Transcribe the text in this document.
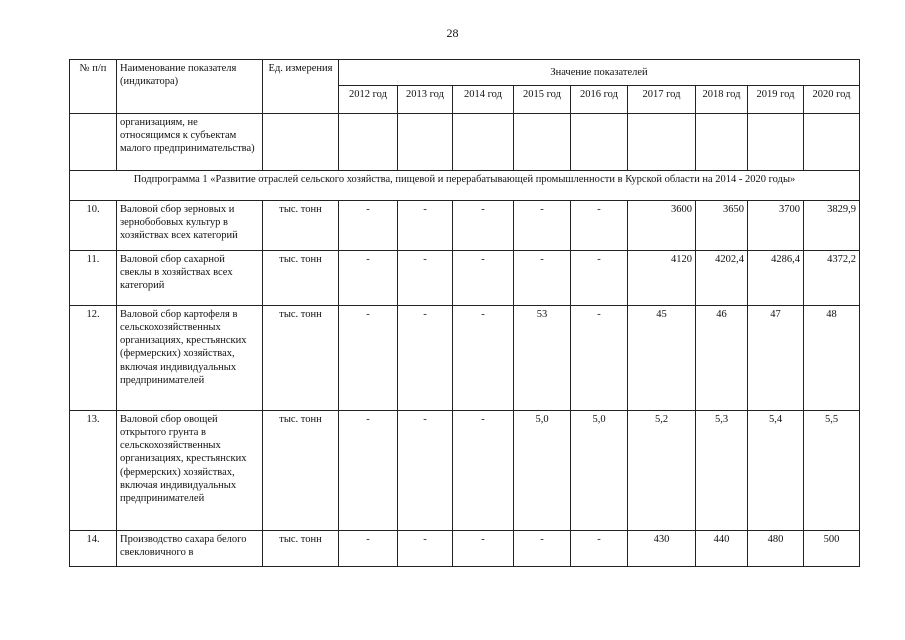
28
№ п/п	Наименование показателя (индикатора)	Ед. измерения	Значение показателей								
			2012 год	2013 год	2014 год	2015 год	2016 год	2017 год	2018 год	2019 год	2020 год
	организациям, не относящимся к субъектам малого предпринимательства)										
Подпрограмма 1 «Развитие отраслей сельского хозяйства, пищевой и перерабатывающей промышленности в Курской области на 2014 - 2020 годы»											
10.	Валовой сбор зерновых и зернобобовых культур в хозяйствах всех категорий	тыс. тонн	-	-	-	-	-	3600	3650	3700	3829,9
11.	Валовой сбор сахарной свеклы в хозяйствах всех категорий	тыс. тонн	-	-	-	-	-	4120	4202,4	4286,4	4372,2
12.	Валовой сбор картофеля в сельскохозяйственных организациях, крестьянских (фермерских) хозяйствах, включая индивидуальных предпринимателей	тыс. тонн	-	-	-	53	-	45	46	47	48
13.	Валовой сбор овощей открытого грунта в сельскохозяйственных организациях, крестьянских (фермерских) хозяйствах, включая индивидуальных предпринимателей	тыс. тонн	-	-	-	5,0	5,0	5,2	5,3	5,4	5,5
14.	Производство сахара белого свекловичного в	тыс. тонн	-	-	-	-	-	430	440	480	500
